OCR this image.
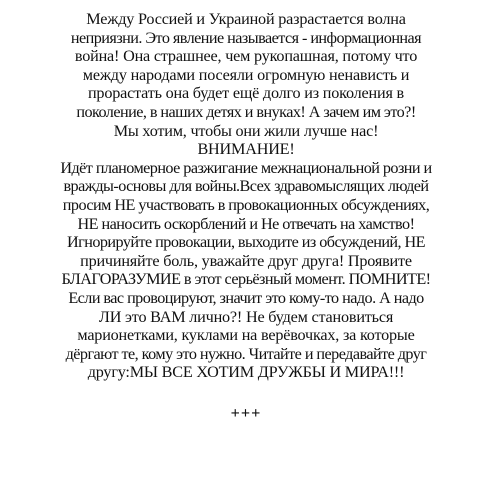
Между Россией и Украиной разрастается волна
неприязни. Это явление называется - информационная
война! Она страшнее, чем рукопашная, потому что
между народами посеяли огромную ненависть и
прорастать она будет ещё долго из поколения в
поколение, в наших детях и внуках! А зачем им это?!
Мы хотим, чтобы они жили лучше нас!
ВНИМАНИЕ!
Идёт планомерное разжигание межнациональной розни и
вражды-основы для войны.Всех здравомыслящих людей
просим НЕ участвовать в провокационных обсуждениях,
НЕ наносить оскорблений и Не отвечать на хамство!
Игнорируйте провокации, выходите из обсуждений, НЕ
причиняйте боль, уважайте друг друга! Проявите
БЛАГОРАЗУМИЕ в этот серьёзный момент. ПОМНИТЕ!
Если вас провоцируют, значит это кому-то надо. А надо
ЛИ это ВАМ лично?! Не будем становиться
марионетками, куклами на верёвочках, за которые
дёргают те, кому это нужно. Читайте и передавайте друг
другу:МЫ ВСЕ ХОТИМ ДРУЖБЫ И МИРА!!!
+++
